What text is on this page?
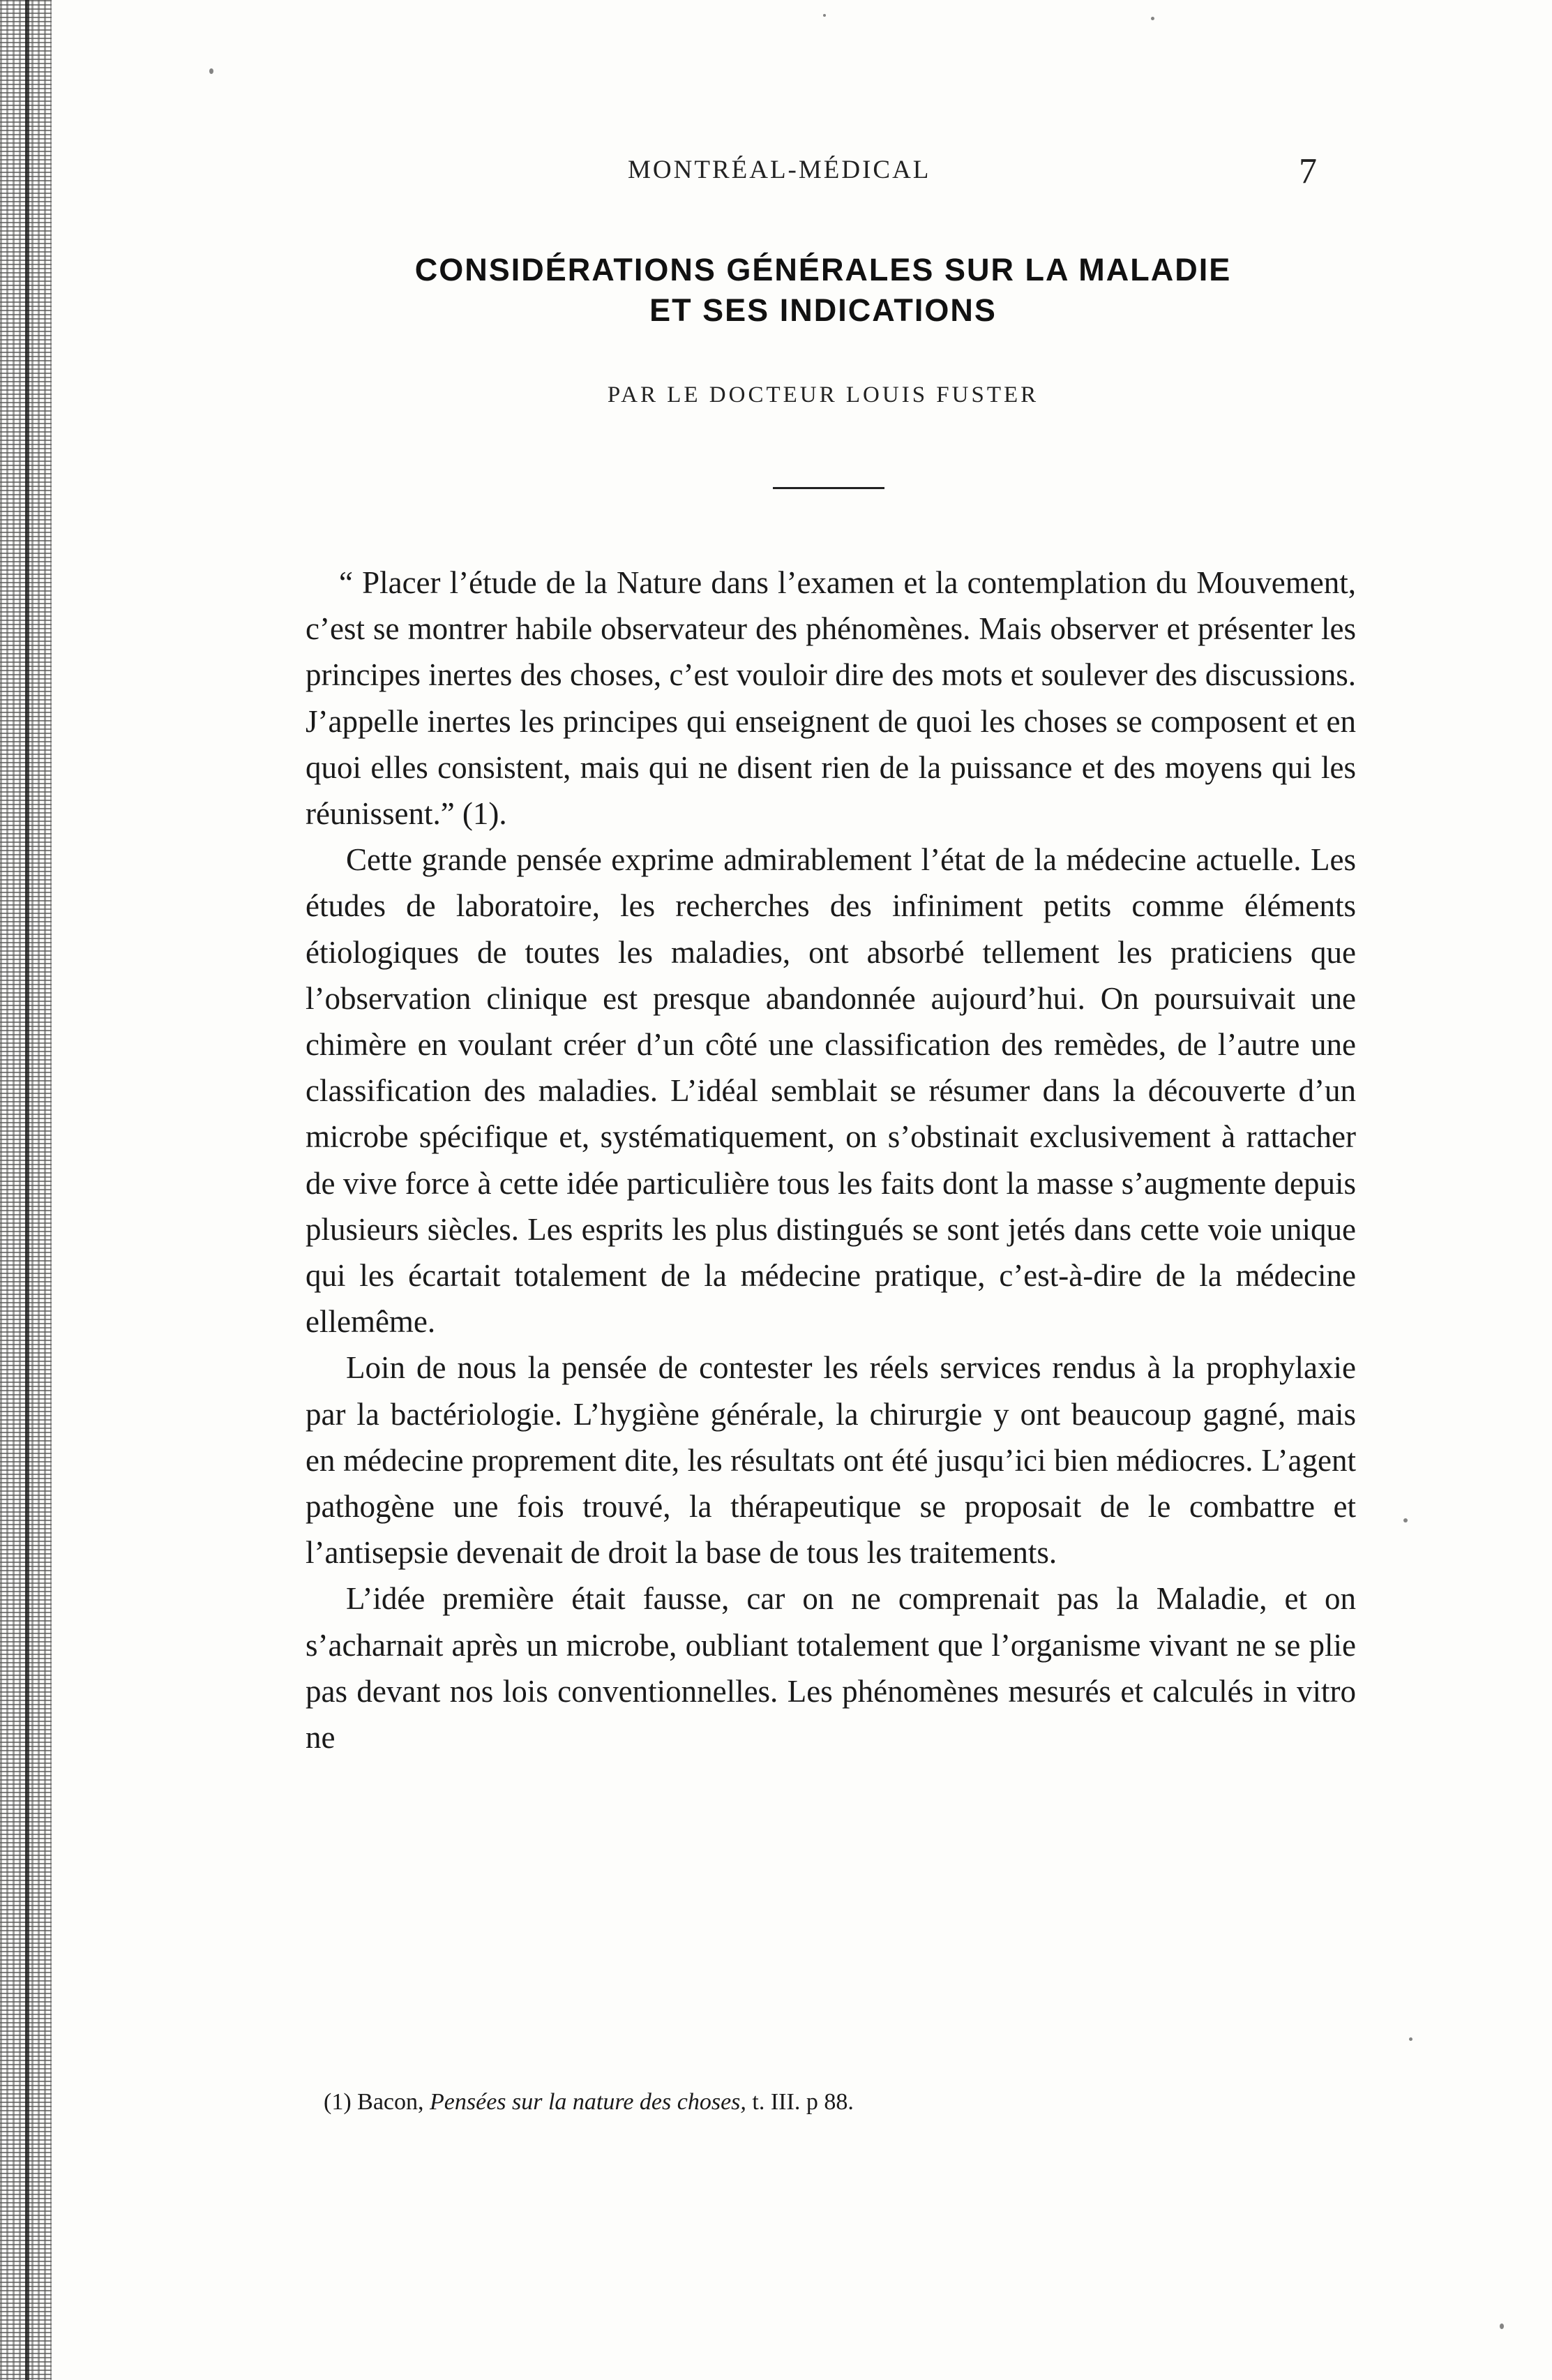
MONTRÉAL-MÉDICAL	7
CONSIDÉRATIONS GÉNÉRALES SUR LA MALADIE
ET SES INDICATIONS
PAR LE DOCTEUR LOUIS FUSTER

“ Placer l’étude de la Nature dans l’examen et la contemplation du Mouvement, c’est se montrer habile observateur des phénomènes. Mais observer et présenter les principes inertes des choses, c’est vouloir dire des mots et soulever des discussions. J’appelle inertes les principes qui enseignent de quoi les choses se composent et en quoi elles consistent, mais qui ne disent rien de la puissance et des moyens qui les réunissent.” (1).

Cette grande pensée exprime admirablement l’état de la médecine actuelle. Les études de laboratoire, les recherches des infiniment petits comme éléments étiologiques de toutes les maladies, ont absorbé tellement les praticiens que l’observation clinique est presque abandonnée aujourd’hui. On poursuivait une chimère en voulant créer d’un côté une classification des remèdes, de l’autre une classification des maladies. L’idéal semblait se résumer dans la découverte d’un microbe spécifique et, systématiquement, on s’obstinait exclusivement à rattacher de vive force à cette idée particulière tous les faits dont la masse s’augmente depuis plusieurs siècles. Les esprits les plus distingués se sont jetés dans cette voie unique qui les écartait totalement de la médecine pratique, c’est-à-dire de la médecine ellemême.

Loin de nous la pensée de contester les réels services rendus à la prophylaxie par la bactériologie. L’hygiène générale, la chirurgie y ont beaucoup gagné, mais en médecine proprement dite, les résultats ont été jusqu’ici bien médiocres. L’agent pathogène une fois trouvé, la thérapeutique se proposait de le combattre et l’antisepsie devenait de droit la base de tous les traitements.

L’idée première était fausse, car on ne comprenait pas la Maladie, et on s’acharnait après un microbe, oubliant totalement que l’organisme vivant ne se plie pas devant nos lois conventionnelles. Les phénomènes mesurés et calculés in vitro ne

(1) Bacon, Pensées sur la nature des choses, t. III. p 88.
